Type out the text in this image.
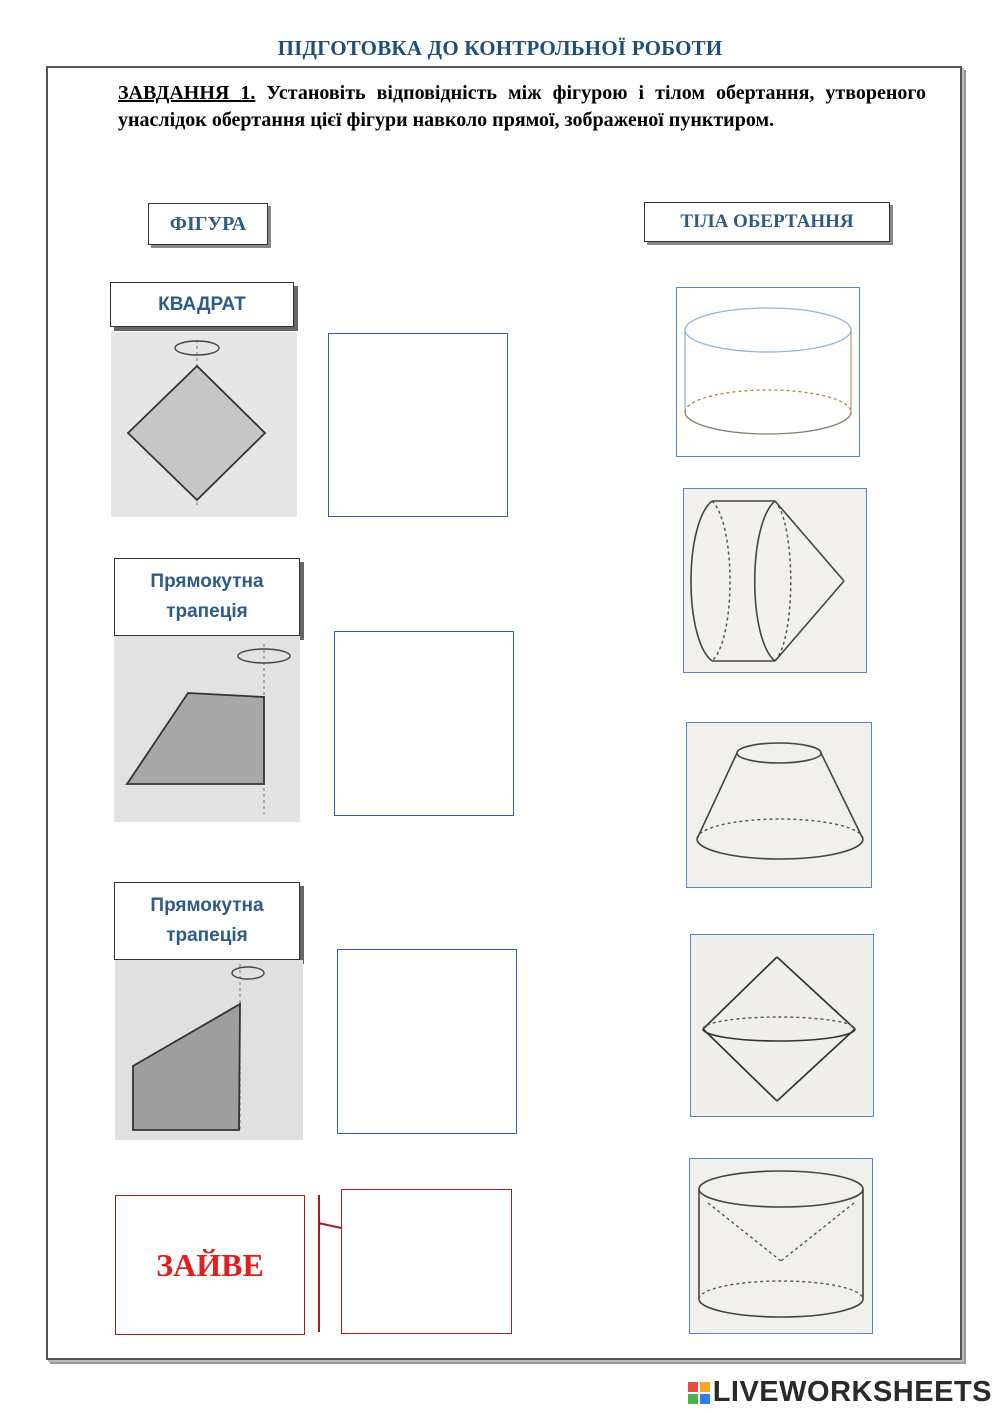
ПІДГОТОВКА ДО КОНТРОЛЬНОЇ РОБОТИ
ЗАВДАННЯ 1. Установіть відповідність між фігурою і тілом обертання, утвореного унаслідок обертання цієї фігури навколо прямої, зображеної пунктиром.
ФІГУРА	ТІЛА ОБЕРТАННЯ
КВАДРАТ
Прямокутна трапеція
Прямокутна трапеція
ЗАЙВЕ
LIVEWORKSHEETS
